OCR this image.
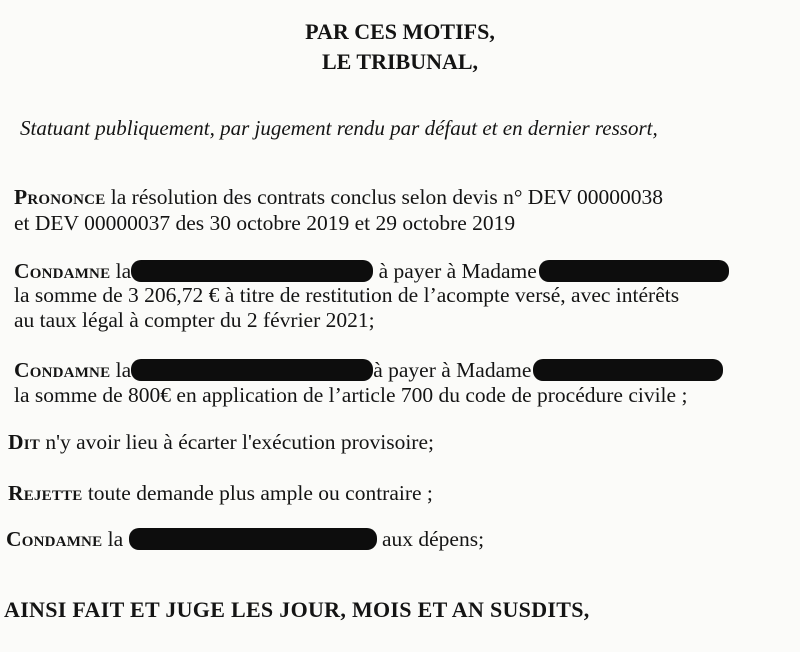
PAR CES MOTIFS,
LE TRIBUNAL,
Statuant publiquement, par jugement rendu par défaut et en dernier ressort,
Prononce la résolution des contrats conclus selon devis n° DEV 00000038
et DEV 00000037 des 30 octobre 2019 et 29 octobre 2019
Condamne la	à payer à Madame
la somme de 3 206,72 € à titre de restitution de l’acompte versé, avec intérêts
au taux légal à compter du 2 février 2021;
Condamne la	à payer à Madame
la somme de 800€ en application de l’article 700 du code de procédure civile ;
Dit n'y avoir lieu à écarter l'exécution provisoire;
Rejette toute demande plus ample ou contraire ;
Condamne la	aux dépens;
AINSI FAIT ET JUGE LES JOUR, MOIS ET AN SUSDITS,
